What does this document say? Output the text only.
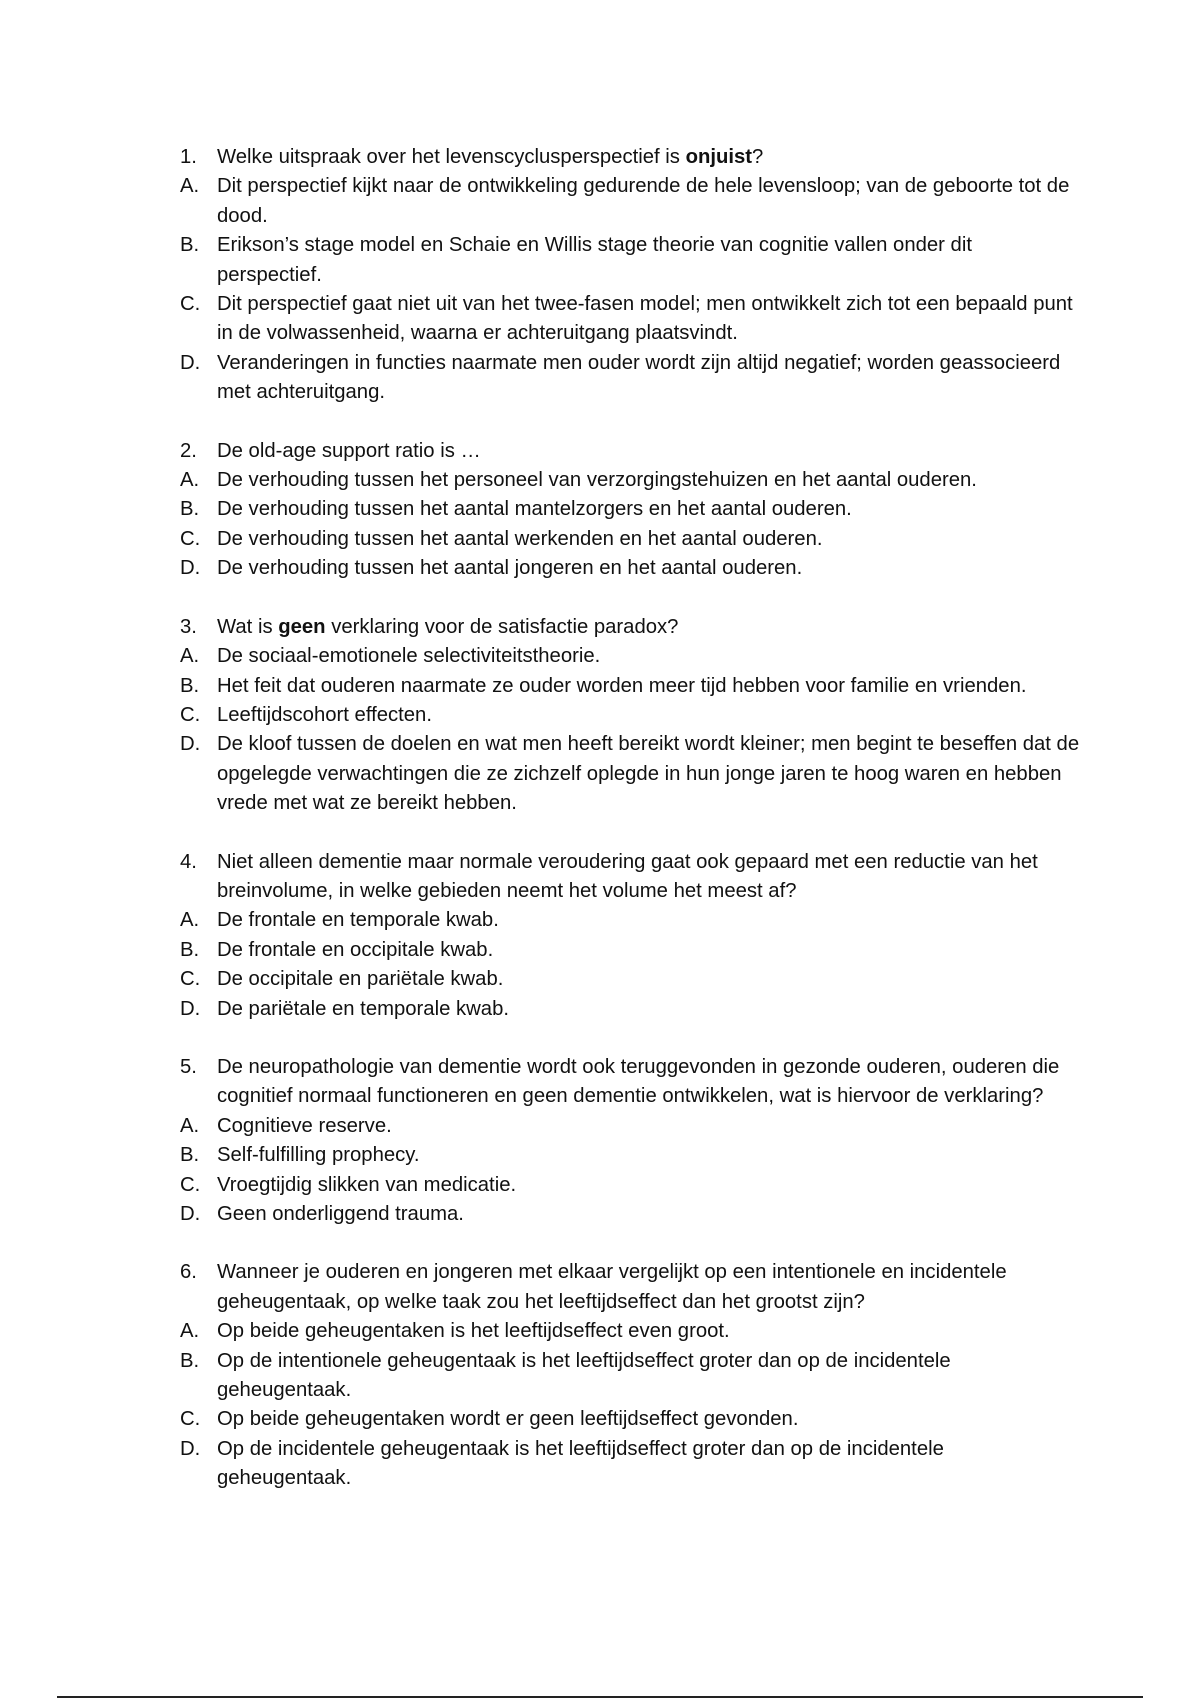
1. Welke uitspraak over het levenscyclusperspectief is onjuist?
A. Dit perspectief kijkt naar de ontwikkeling gedurende de hele levensloop; van de geboorte tot de dood.
B. Erikson’s stage model en Schaie en Willis stage theorie van cognitie vallen onder dit perspectief.
C. Dit perspectief gaat niet uit van het twee-fasen model; men ontwikkelt zich tot een bepaald punt in de volwassenheid, waarna er achteruitgang plaatsvindt.
D. Veranderingen in functies naarmate men ouder wordt zijn altijd negatief; worden geassocieerd met achteruitgang.
2. De old-age support ratio is …
A. De verhouding tussen het personeel van verzorgingstehuizen en het aantal ouderen.
B. De verhouding tussen het aantal mantelzorgers en het aantal ouderen.
C. De verhouding tussen het aantal werkenden en het aantal ouderen.
D. De verhouding tussen het aantal jongeren en het aantal ouderen.
3. Wat is geen verklaring voor de satisfactie paradox?
A. De sociaal-emotionele selectiviteitstheorie.
B. Het feit dat ouderen naarmate ze ouder worden meer tijd hebben voor familie en vrienden.
C. Leeftijdscohort effecten.
D. De kloof tussen de doelen en wat men heeft bereikt wordt kleiner; men begint te beseffen dat de opgelegde verwachtingen die ze zichzelf oplegde in hun jonge jaren te hoog waren en hebben vrede met wat ze bereikt hebben.
4. Niet alleen dementie maar normale veroudering gaat ook gepaard met een reductie van het breinvolume, in welke gebieden neemt het volume het meest af?
A. De frontale en temporale kwab.
B. De frontale en occipitale kwab.
C. De occipitale en pariëtale kwab.
D. De pariëtale en temporale kwab.
5. De neuropathologie van dementie wordt ook teruggevonden in gezonde ouderen, ouderen die cognitief normaal functioneren en geen dementie ontwikkelen, wat is hiervoor de verklaring?
A. Cognitieve reserve.
B. Self-fulfilling prophecy.
C. Vroegtijdig slikken van medicatie.
D. Geen onderliggend trauma.
6. Wanneer je ouderen en jongeren met elkaar vergelijkt op een intentionele en incidentele geheugentaak, op welke taak zou het leeftijdseffect dan het grootst zijn?
A. Op beide geheugentaken is het leeftijdseffect even groot.
B. Op de intentionele geheugentaak is het leeftijdseffect groter dan op de incidentele geheugentaak.
C. Op beide geheugentaken wordt er geen leeftijdseffect gevonden.
D. Op de incidentele geheugentaak is het leeftijdseffect groter dan op de incidentele geheugentaak.
